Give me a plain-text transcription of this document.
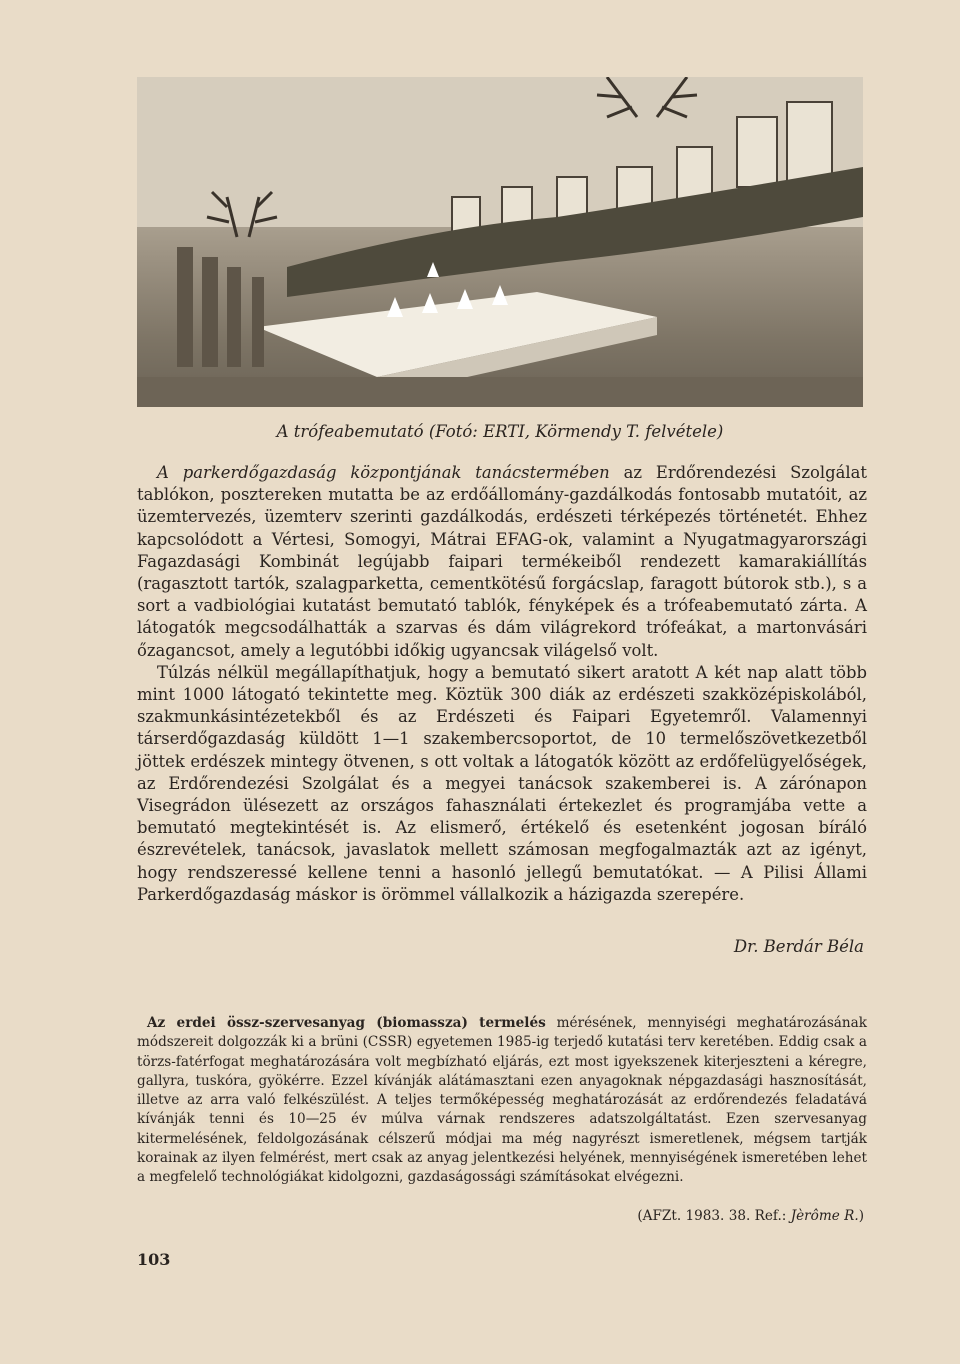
A trófeabemutató (Fotó: ERTI, Körmendy T. felvétele)

A parkerdőgazdaság központjának tanácstermében az Erdőrendezési Szolgálat tablókon, posztereken mutatta be az erdőállomány-gazdálkodás fontosabb mutatóit, az üzemtervezés, üzemterv szerinti gazdálkodás, erdészeti térképezés történetét. Ehhez kapcsolódott a Vértesi, Somogyi, Mátrai EFAG-ok, valamint a Nyugatmagyarországi Fagazdasági Kombinát legújabb faipari termékeiből rendezett kamarakiállítás (ragasztott tartók, szalagparketta, cementkötésű forgácslap, faragott bútorok stb.), s a sort a vadbiológiai kutatást bemutató tablók, fényképek és a trófeabemutató zárta. A látogatók megcsodálhatták a szarvas és dám világrekord trófeákat, a martonvásári őzagancsot, amely a legutóbbi időkig ugyancsak világelső volt.

Túlzás nélkül megállapíthatjuk, hogy a bemutató sikert aratott A két nap alatt több mint 1000 látogató tekintette meg. Köztük 300 diák az erdészeti szakközépiskolából, szakmunkásintézetekből és az Erdészeti és Faipari Egyetemről. Valamennyi társerdőgazdaság küldött 1—1 szakembercsoportot, de 10 termelőszövetkezetből jöttek erdészek mintegy ötvenen, s ott voltak a látogatók között az erdőfelügyelőségek, az Erdőrendezési Szolgálat és a megyei tanácsok szakemberei is. A zárónapon Visegrádon ülésezett az országos fahasználati értekezlet és programjába vette a bemutató megtekintését is. Az elismerő, értékelő és esetenként jogosan bíráló észrevételek, tanácsok, javaslatok mellett számosan megfogalmazták azt az igényt, hogy rendszeressé kellene tenni a hasonló jellegű bemutatókat. — A Pilisi Állami Parkerdőgazdaság máskor is örömmel vállalkozik a házigazda szerepére.

Dr. Berdár Béla

Az erdei össz-szervesanyag (biomassza) termelés mérésének, mennyiségi meghatározásának módszereit dolgozzák ki a brüni (CSSR) egyetemen 1985-ig terjedő kutatási terv keretében. Eddig csak a törzs-fatérfogat meghatározására volt megbízható eljárás, ezt most igyekszenek kiterjeszteni a kéregre, gallyra, tuskóra, gyökérre. Ezzel kívánják alátámasztani ezen anyagoknak népgazdasági hasznosítását, illetve az arra való felkészülést. A teljes termőképesség meghatározását az erdőrendezés feladatává kívánják tenni és 10—25 év múlva várnak rendszeres adatszolgáltatást. Ezen szervesanyag kitermelésének, feldolgozásának célszerű módjai ma még nagyrészt ismeretlenek, mégsem tartják korainak az ilyen felmérést, mert csak az anyag jelentkezési helyének, mennyiségének ismeretében lehet a megfelelő technológiákat kidolgozni, gazdaságossági számításokat elvégezni.

(AFZt. 1983. 38. Ref.: Jèrôme R.)
103
